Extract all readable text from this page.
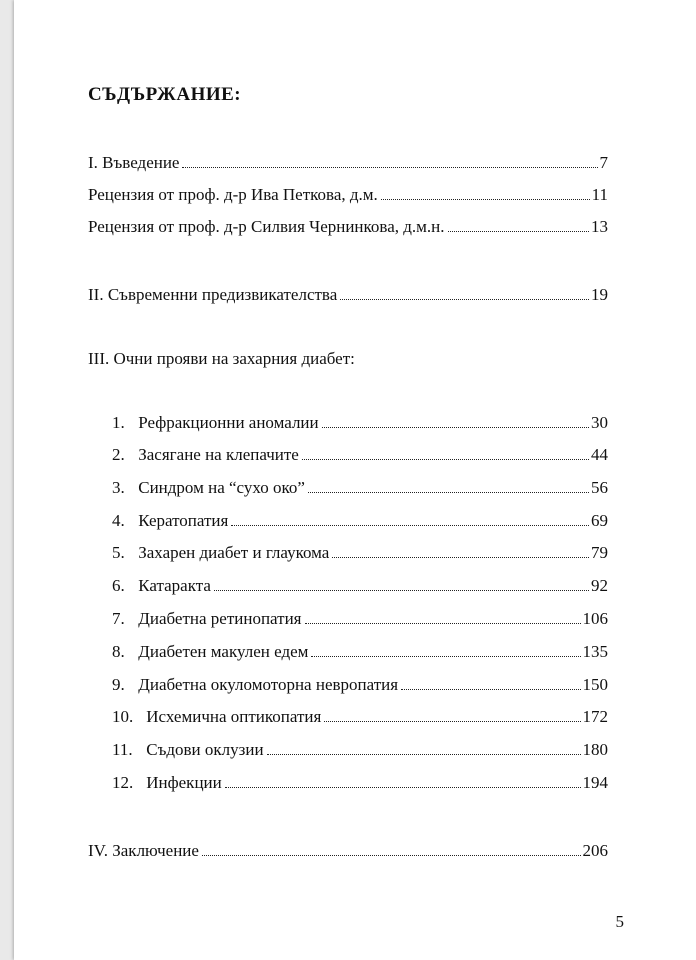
СЪДЪРЖАНИЕ:
I. Въведение	7
Рецензия от проф. д-р Ива Петкова, д.м.	11
Рецензия от проф. д-р Силвия Чернинкова, д.м.н.	13
II. Съвременни предизвикателства	19

III. Очни прояви на захарния диабет:

1. Рефракционни аномалии	30
2. Засягане на клепачите	44
3. Синдром на “сухо око”	56
4. Кератопатия	69
5. Захарен диабет и глаукома	79
6. Катаракта	92
7. Диабетна ретинопатия	106
8. Диабетен макулен едем	135
9. Диабетна окуломоторна невропатия	150
10. Исхемична оптикопатия	172
11. Съдови оклузии	180
12. Инфекции	194
IV. Заключение	206
5
